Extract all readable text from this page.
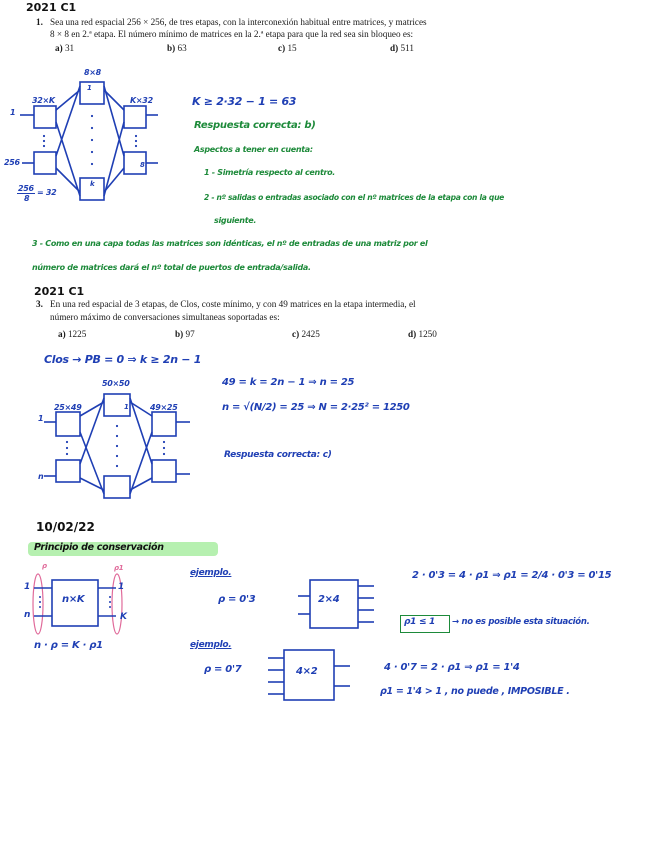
2021 C1
1. Sea una red espacial 256 × 256, de tres etapas, con la interconexión habitual entre matrices, y matrices
8 × 8 en 2.ª etapa. El número mínimo de matrices en la 2.ª etapa para que la red sea sin bloqueo es:
a) 31	b) 63	c) 15	d) 511
8×8
32×K	K×32
1
256
1
8
k
256
8
= 32
K ≥ 2·32 − 1 = 63
Respuesta correcta: b)
Aspectos a tener en cuenta:
1 - Simetría respecto al centro.
2 - nº salidas o entradas asociado con el nº matrices de la etapa con la que
siguiente.
3 - Como en una capa todas las matrices son idénticas, el nº de entradas de una matriz por el
número de matrices dará el nº total de puertos de entrada/salida.
2021 C1
3. En una red espacial de 3 etapas, de Clos, coste mínimo, y con 49 matrices en la etapa intermedia, el
número máximo de conversaciones simultaneas soportadas es:
a) 1225	b) 97	c) 2425	d) 1250
Clos → PB = 0 ⇒ k ≥ 2n − 1
50×50
25×49	49×25
1
n
1
49 = k = 2n − 1 ⇒ n = 25
n = √(N/2) = 25 ⇒ N = 2·25² = 1250
Respuesta correcta: c)
10/02/22
Principio de conservación
ρ	ρ1
n×K
1
n
1
K
n · ρ = K · ρ1
ejemplo.
ρ = 0'3	2×4
2 · 0'3 = 4 · ρ1 ⇒ ρ1 = 2/4 · 0'3 = 0'15
ρ1 ≤ 1 → no es posible esta situación.
ejemplo.
ρ = 0'7	4×2	4 · 0'7 = 2 · ρ1 ⇒ ρ1 = 1'4
ρ1 = 1'4 > 1 , no puede , IMPOSIBLE .
